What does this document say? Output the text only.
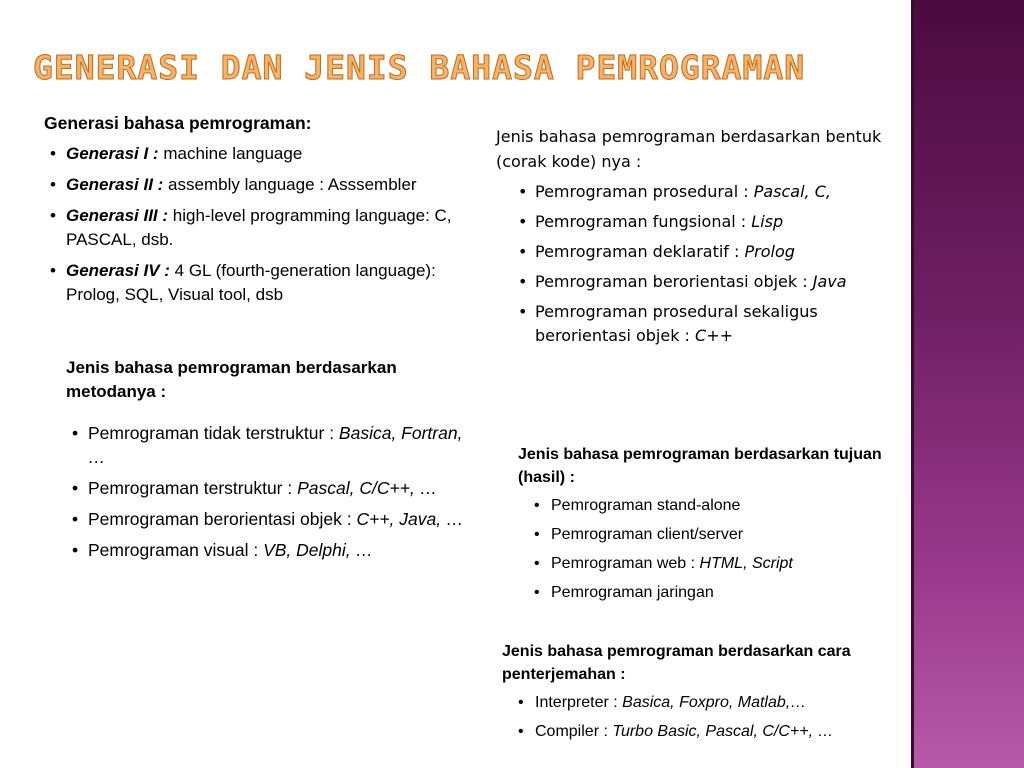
GENERASI DAN JENIS BAHASA PEMROGRAMAN

Generasi bahasa pemrograman:

• Generasi I : machine language
• Generasi II : assembly language : Asssembler
• Generasi III : high-level programming language: C, PASCAL, dsb.
• Generasi IV : 4 GL (fourth-generation language): Prolog, SQL, Visual tool, dsb

Jenis bahasa pemrograman berdasarkan metodanya :

• Pemrograman tidak terstruktur : Basica, Fortran, …
• Pemrograman terstruktur : Pascal, C/C++, …
• Pemrograman berorientasi objek : C++, Java, …
• Pemrograman visual : VB, Delphi, …

Jenis bahasa pemrograman berdasarkan bentuk (corak kode) nya :

• Pemrograman prosedural : Pascal, C,
• Pemrograman fungsional : Lisp
• Pemrograman deklaratif : Prolog
• Pemrograman berorientasi objek : Java
• Pemrograman prosedural sekaligus berorientasi objek : C++

Jenis bahasa pemrograman berdasarkan tujuan (hasil) :

• Pemrograman stand-alone
• Pemrograman client/server
• Pemrograman web : HTML, Script
• Pemrograman jaringan

Jenis bahasa pemrograman berdasarkan cara penterjemahan :

• Interpreter : Basica, Foxpro, Matlab,…
• Compiler : Turbo Basic, Pascal, C/C++, …
